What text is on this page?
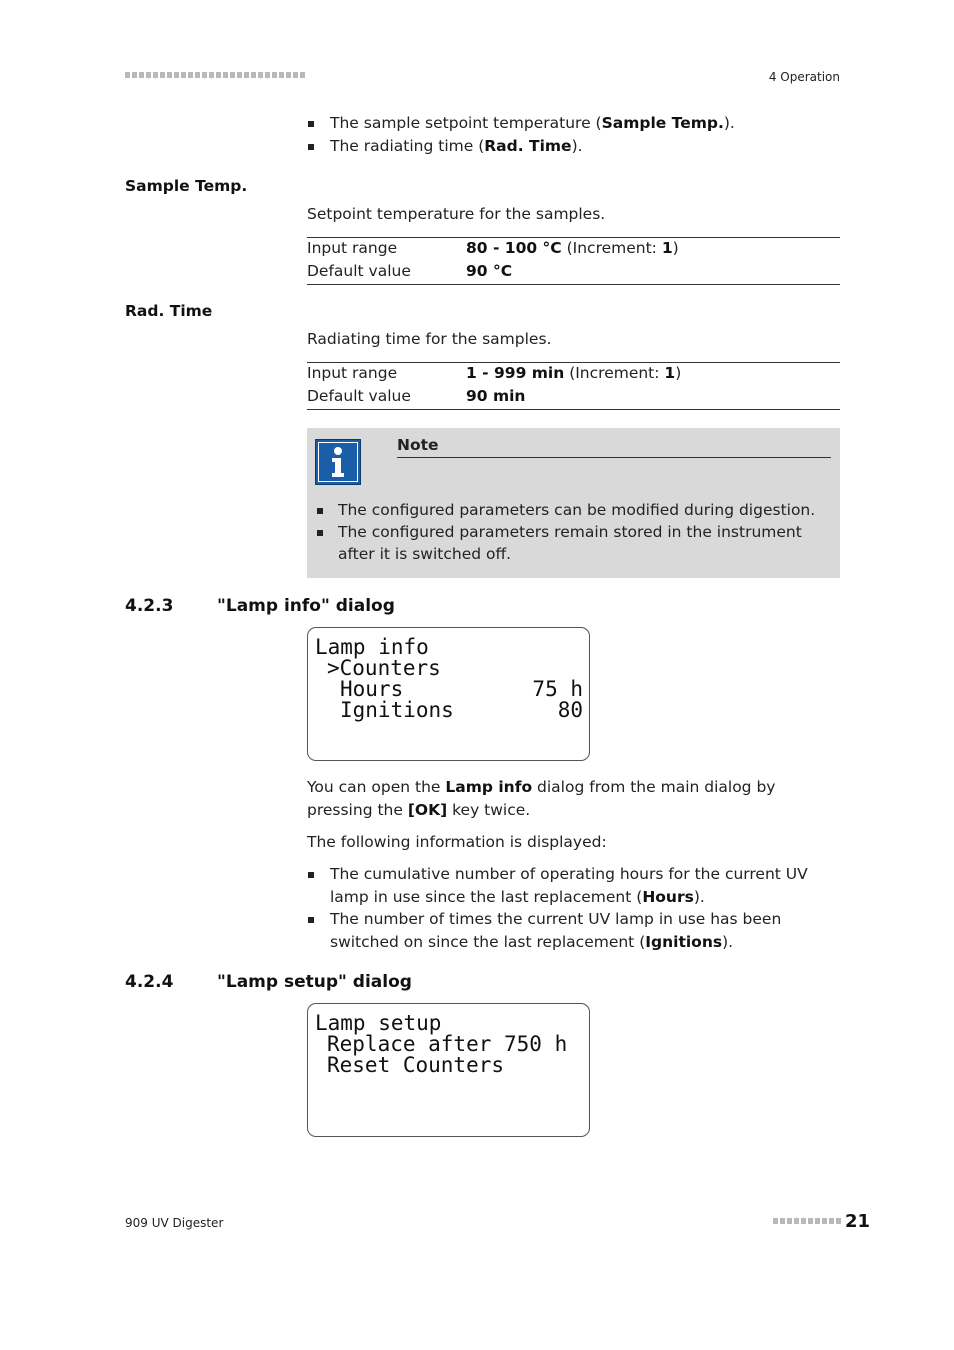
4 Operation
The sample setpoint temperature (Sample Temp.).
The radiating time (Rad. Time).
Sample Temp.
Setpoint temperature for the samples.
Input range	80 - 100 °C (Increment: 1)
Default value	90 °C
Rad. Time
Radiating time for the samples.
Input range	1 - 999 min (Increment: 1)
Default value	90 min
Note
The configured parameters can be modified during digestion.
The configured parameters remain stored in the instrument after it is switched off.
4.2.3	"Lamp info" dialog
Lamp info
>Counters
Hours	75 h
Ignitions	80
You can open the Lamp info dialog from the main dialog by pressing the [OK] key twice.
The following information is displayed:
The cumulative number of operating hours for the current UV lamp in use since the last replacement (Hours).
The number of times the current UV lamp in use has been switched on since the last replacement (Ignitions).
4.2.4	"Lamp setup" dialog
Lamp setup
Replace after 750 h
Reset Counters
909 UV Digester	21
